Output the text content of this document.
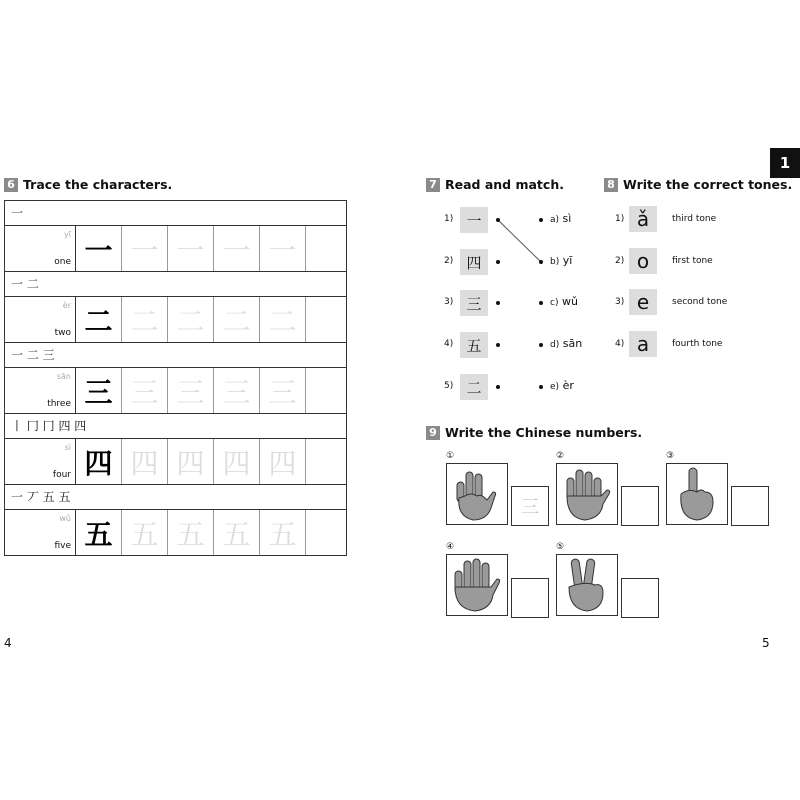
1
6 Trace the characters.
一
yī
one 一 一 一 一 一
一 二
èr
two 二 二 二 二 二
一 二 三
sān
three 三 三 三 三 三
丨 冂 冂 四 四
sì
four 四 四 四 四 四
一 丆 五 五
wǔ
five 五 五 五 五 五
4
7 Read and match.
1) 一	a) sì
2) 四	b) yī
3) 三	c) wǔ
4) 五	d) sān
5) 二	e) èr
8 Write the correct tones.
1) ǎ	third tone
2) o	first tone
3) e	second tone
4) a	fourth tone
9 Write the Chinese numbers.
①
三
②	③
④	⑤
5
